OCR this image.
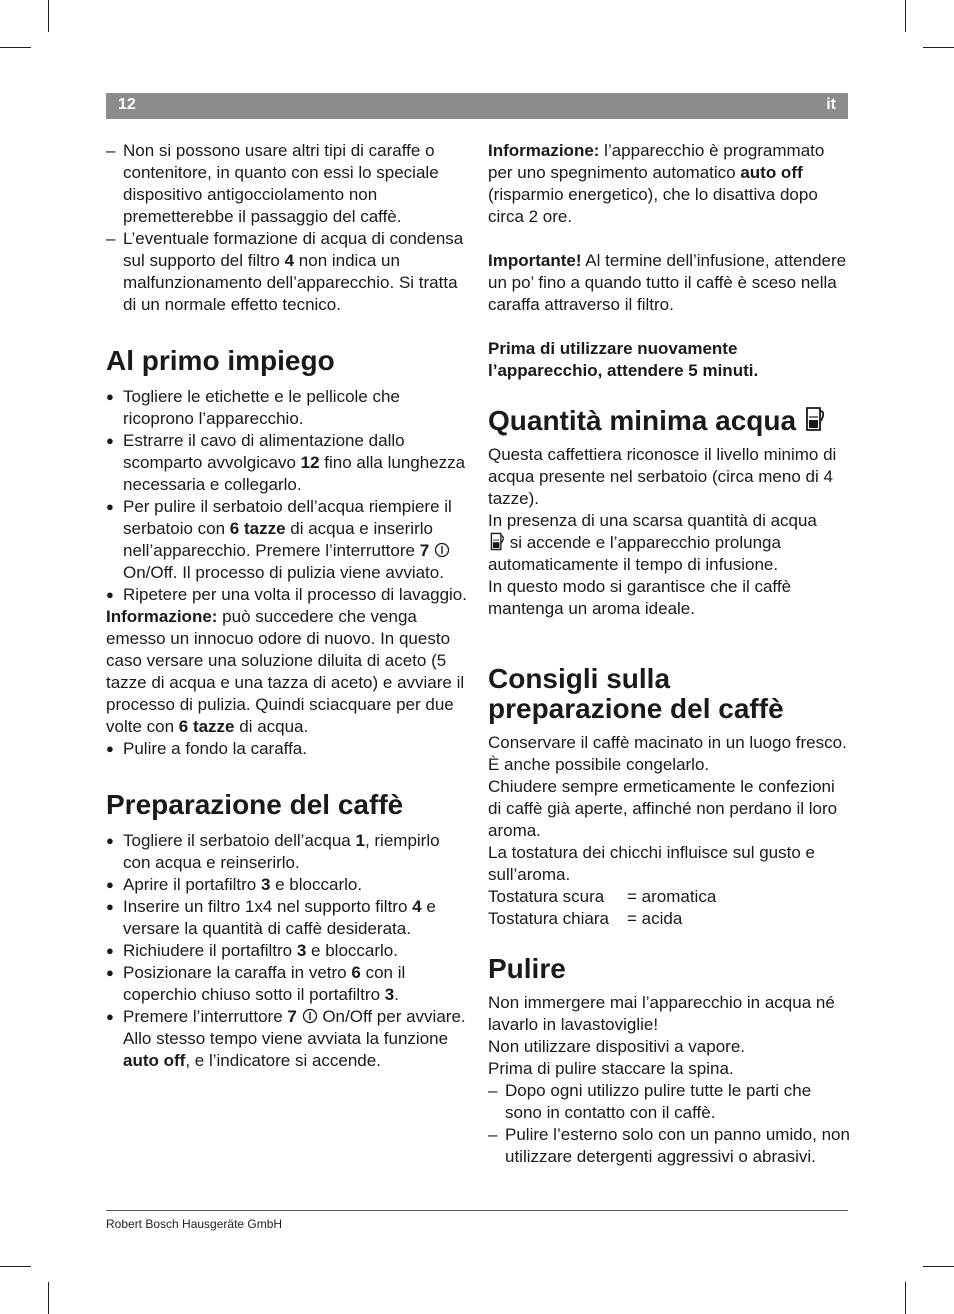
12	it
– Non si possono usare altri tipi di caraffe o contenitore, in quanto con essi lo speciale dispositivo antigocciolamento non premetterebbe il passaggio del caffè.
– L’eventuale formazione di acqua di condensa sul supporto del filtro 4 non indica un malfunzionamento dell’apparecchio. Si tratta di un normale effetto tecnico.
Al primo impiego
● Togliere le etichette e le pellicole che ricoprono l’apparecchio.
● Estrarre il cavo di alimentazione dallo scomparto avvolgicavo 12 fino alla lunghezza necessaria e collegarlo.
● Per pulire il serbatoio dell’acqua riempiere il serbatoio con 6 tazze di acqua e inserirlo nell’apparecchio. Premere l’interruttore 7  On/Off. Il processo di pulizia viene avviato.
● Ripetere per una volta il processo di lavaggio.

Informazione: può succedere che venga emesso un innocuo odore di nuovo. In questo caso versare una soluzione diluita di aceto (5 tazze di acqua e una tazza di aceto) e avviare il processo di pulizia. Quindi sciacquare per due volte con 6 tazze di acqua.

● Pulire a fondo la caraffa.
Preparazione del caffè
● Togliere il serbatoio dell’acqua 1, riempirlo con acqua e reinserirlo.
● Aprire il portafiltro 3 e bloccarlo.
● Inserire un filtro 1x4 nel supporto filtro 4 e versare la quantità di caffè desiderata.
● Richiudere il portafiltro 3 e bloccarlo.
● Posizionare la caraffa in vetro 6 con il coperchio chiuso sotto il portafiltro 3.
● Premere l’interruttore 7  On/Off per avviare. Allo stesso tempo viene avviata la funzione auto off, e l’indicatore si accende.

Informazione: l’apparecchio è programmato per uno spegnimento automatico auto off (risparmio energetico), che lo disattiva dopo circa 2 ore.

Importante! Al termine dell’infusione, attendere un po’ fino a quando tutto il caffè è sceso nella caraffa attraverso il filtro.

Prima di utilizzare nuovamente l’apparecchio, attendere 5 minuti.

Quantità minima acqua

Questa caffettiera riconosce il livello minimo di acqua presente nel serbatoio (circa meno di 4 tazze).

In presenza di una scarsa quantità di acqua
si accende e l’apparecchio prolunga automaticamente il tempo di infusione.

In questo modo si garantisce che il caffè mantenga un aroma ideale.

Consigli sulla preparazione del caffè

Conservare il caffè macinato in un luogo fresco. È anche possibile congelarlo.

Chiudere sempre ermeticamente le confezioni di caffè già aperte, affinché non perdano il loro aroma.

La tostatura dei chicchi influisce sul gusto e sull’aroma.

Tostatura scura	= aromatica
Tostatura chiara	= acida
Pulire

Non immergere mai l’apparecchio in acqua né lavarlo in lavastoviglie!

Non utilizzare dispositivi a vapore.

Prima di pulire staccare la spina.

– Dopo ogni utilizzo pulire tutte le parti che sono in contatto con il caffè.
– Pulire l’esterno solo con un panno umido, non utilizzare detergenti aggressivi o abrasivi.
Robert Bosch Hausgeräte GmbH
